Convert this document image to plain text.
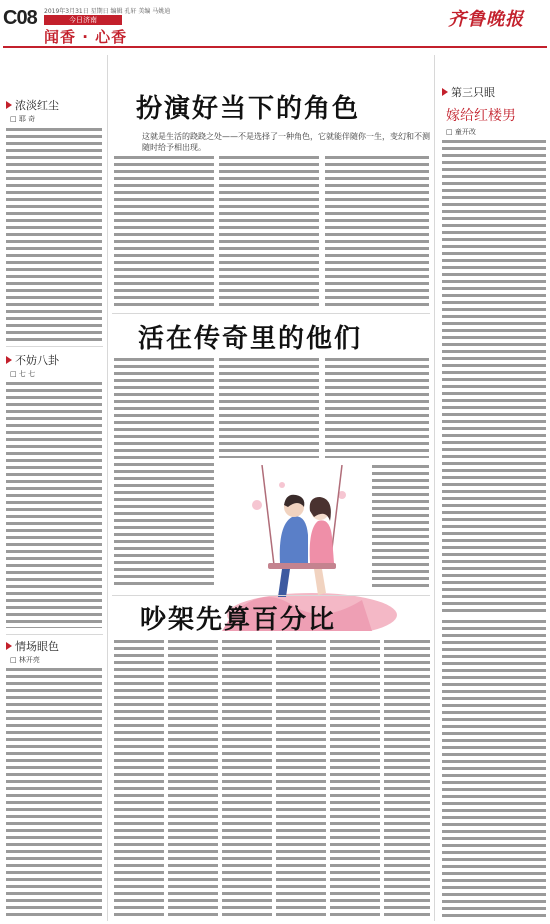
C08 2019年3月31日 星期日 编辑 孔轩 美编 马姚迪
今日济南
闻香 · 心香
齐鲁晚报
浓淡红尘
□ 耶 奇
不妨八卦
□ 七 七
情场眼色
□ 林开亮
扮演好当下的角色
这就是生活的跷跷之处——不是选择了一种角色，它就能伴随你一生，变幻和不测随时给予相出现。
活在传奇里的他们
吵架先算百分比
第三只眼
嫁给红楼男
□ 童开改
